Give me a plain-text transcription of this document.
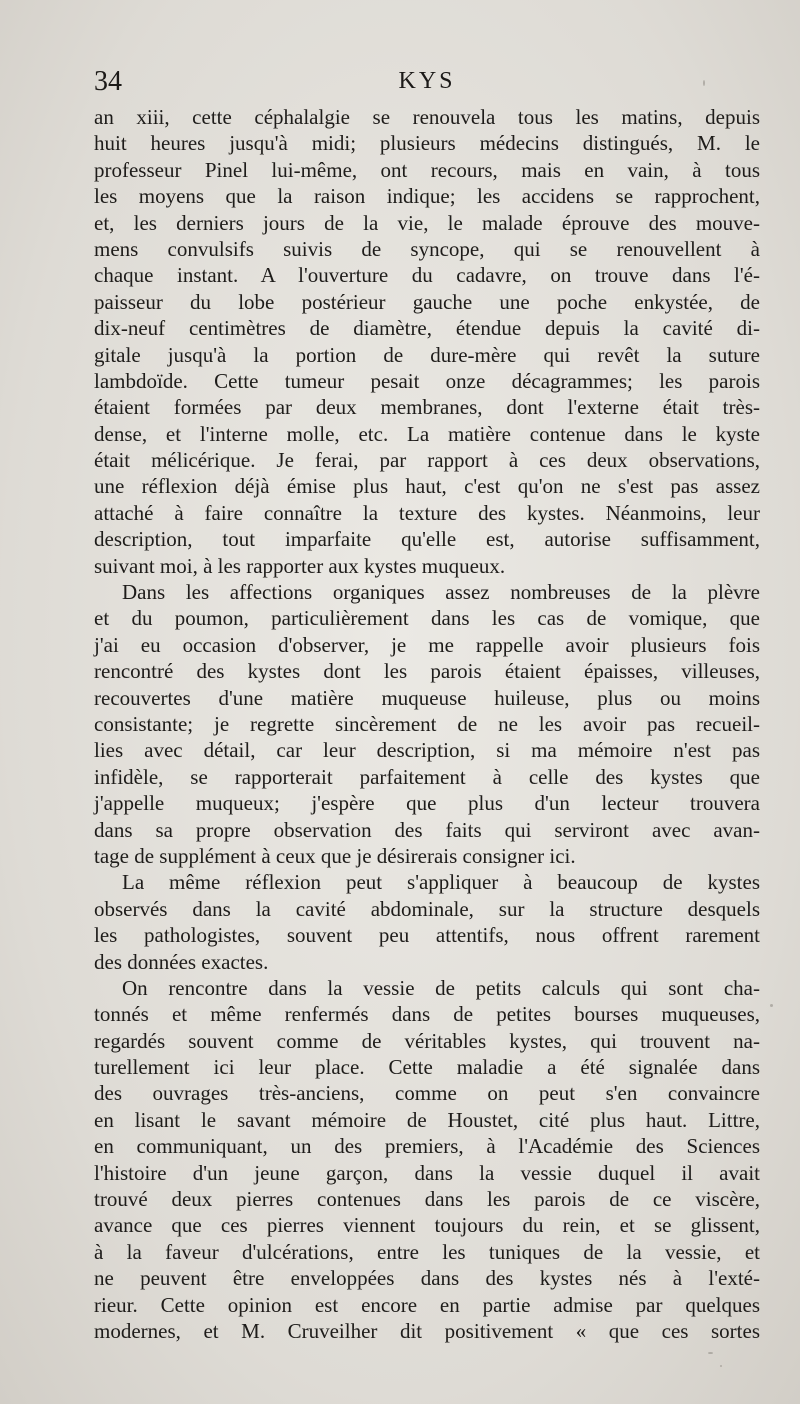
34	KYS
an xiii, cette céphalalgie se renouvela tous les matins, depuis
huit heures jusqu'à midi; plusieurs médecins distingués, M. le
professeur Pinel lui-même, ont recours, mais en vain, à tous
les moyens que la raison indique; les accidens se rapprochent,
et, les derniers jours de la vie, le malade éprouve des mouve-
mens convulsifs suivis de syncope, qui se renouvellent à
chaque instant. A l'ouverture du cadavre, on trouve dans l'é-
paisseur du lobe postérieur gauche une poche enkystée, de
dix-neuf centimètres de diamètre, étendue depuis la cavité di-
gitale jusqu'à la portion de dure-mère qui revêt la suture
lambdoïde. Cette tumeur pesait onze décagrammes; les parois
étaient formées par deux membranes, dont l'externe était très-
dense, et l'interne molle, etc. La matière contenue dans le kyste
était mélicérique. Je ferai, par rapport à ces deux observations,
une réflexion déjà émise plus haut, c'est qu'on ne s'est pas assez
attaché à faire connaître la texture des kystes. Néanmoins, leur
description, tout imparfaite qu'elle est, autorise suffisamment,
suivant moi, à les rapporter aux kystes muqueux.
Dans les affections organiques assez nombreuses de la plèvre
et du poumon, particulièrement dans les cas de vomique, que
j'ai eu occasion d'observer, je me rappelle avoir plusieurs fois
rencontré des kystes dont les parois étaient épaisses, villeuses,
recouvertes d'une matière muqueuse huileuse, plus ou moins
consistante; je regrette sincèrement de ne les avoir pas recueil-
lies avec détail, car leur description, si ma mémoire n'est pas
infidèle, se rapporterait parfaitement à celle des kystes que
j'appelle muqueux; j'espère que plus d'un lecteur trouvera
dans sa propre observation des faits qui serviront avec avan-
tage de supplément à ceux que je désirerais consigner ici.
La même réflexion peut s'appliquer à beaucoup de kystes
observés dans la cavité abdominale, sur la structure desquels
les pathologistes, souvent peu attentifs, nous offrent rarement
des données exactes.
On rencontre dans la vessie de petits calculs qui sont cha-
tonnés et même renfermés dans de petites bourses muqueuses,
regardés souvent comme de véritables kystes, qui trouvent na-
turellement ici leur place. Cette maladie a été signalée dans
des ouvrages très-anciens, comme on peut s'en convaincre
en lisant le savant mémoire de Houstet, cité plus haut. Littre,
en communiquant, un des premiers, à l'Académie des Sciences
l'histoire d'un jeune garçon, dans la vessie duquel il avait
trouvé deux pierres contenues dans les parois de ce viscère,
avance que ces pierres viennent toujours du rein, et se glissent,
à la faveur d'ulcérations, entre les tuniques de la vessie, et
ne peuvent être enveloppées dans des kystes nés à l'exté-
rieur. Cette opinion est encore en partie admise par quelques
modernes, et M. Cruveilher dit positivement « que ces sortes
